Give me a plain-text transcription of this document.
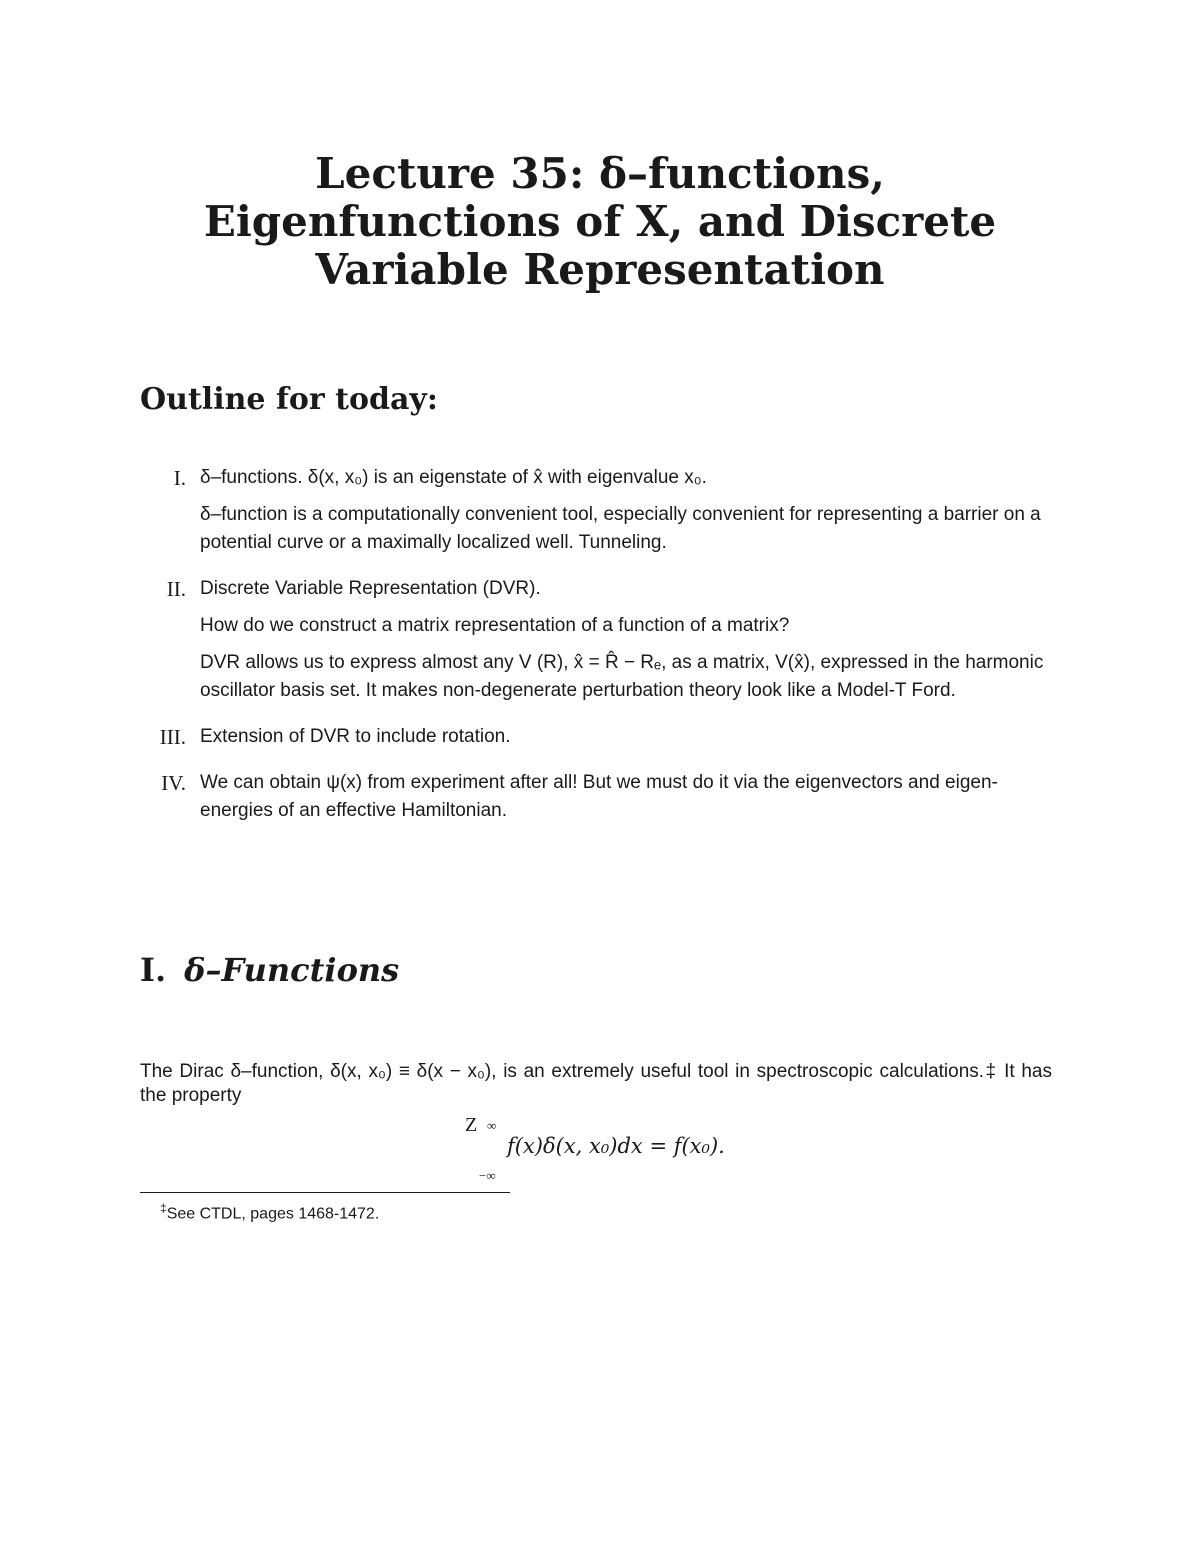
Lecture 35: δ–functions,
Eigenfunctions of X, and Discrete
Variable Representation
Outline for today:
I. δ–functions. δ(x, x₀) is an eigenstate of x̂ with eigenvalue x₀.

δ–function is a computationally convenient tool, especially convenient for representing a barrier on a potential curve or a maximally localized well. Tunneling.

II. Discrete Variable Representation (DVR).

How do we construct a matrix representation of a function of a matrix?

DVR allows us to express almost any V (R), x̂ = R̂ − Rₑ, as a matrix, V(x̂), expressed in the harmonic oscillator basis set. It makes non-degenerate perturbation theory look like a Model-T Ford.

III. Extension of DVR to include rotation.

IV. We can obtain ψ(x) from experiment after all! But we must do it via the eigenvectors and eigen-energies of an effective Hamiltonian.

I. δ–Functions

The Dirac δ–function, δ(x, x₀) ≡ δ(x − x₀), is an extremely useful tool in spectroscopic calculations.‡ It has the property

Z ∞
−∞
f(x)δ(x, x₀)dx = f(x₀).

‡See CTDL, pages 1468-1472.
